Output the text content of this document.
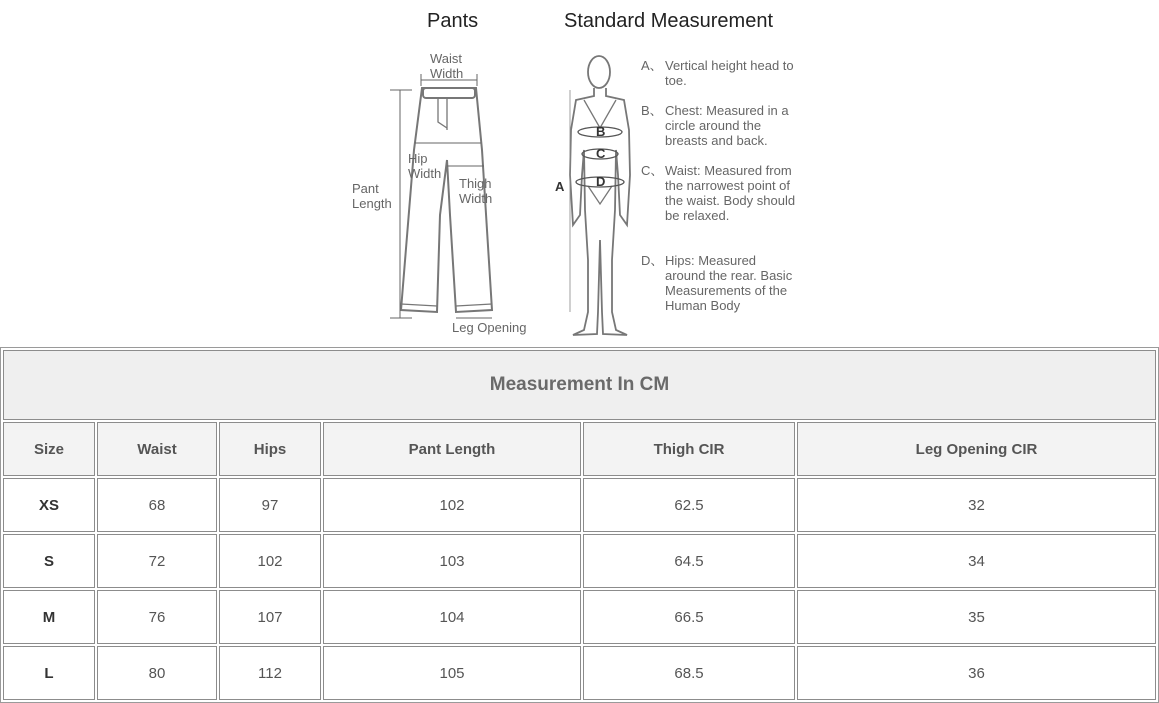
Pants	Standard Measurement
Waist Width
Hip Width
Thigh Width
Pant Length
Leg Opening
A
B
C
D
A、 Vertical height head to toe.
B、 Chest: Measured in a circle around the breasts and back.
C、 Waist: Measured from the narrowest point of the waist. Body should be relaxed.
D、 Hips: Measured around the rear. Basic Measurements of the Human Body
Measurement In CM					
Size	Waist	Hips	Pant Length	Thigh CIR	Leg Opening CIR
XS	68	97	102	62.5	32
S	72	102	103	64.5	34
M	76	107	104	66.5	35
L	80	112	105	68.5	36
